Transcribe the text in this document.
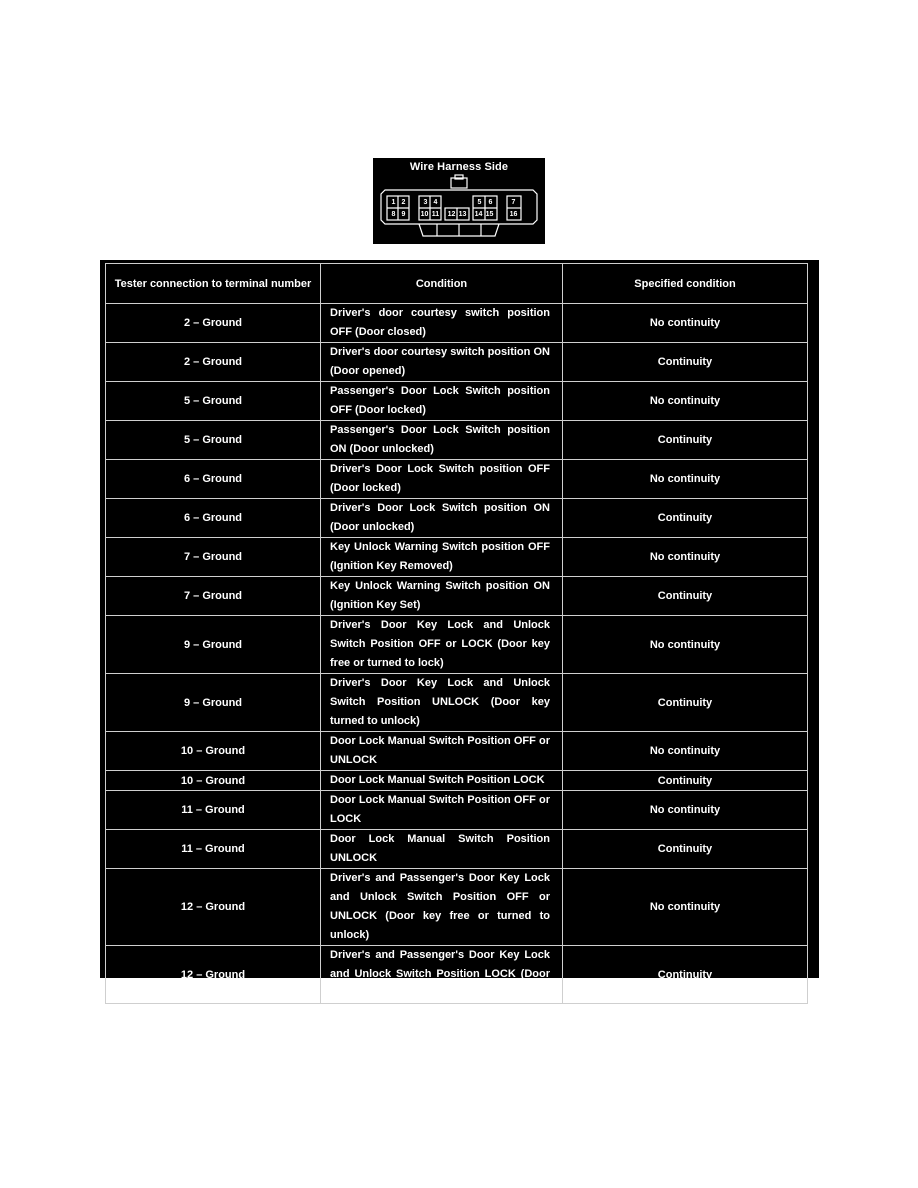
Wire Harness Side
1 2	3 4	5	6	7
8 9	10 11 12 13 14 15 16
Tester connection to terminal number	Condition	Specified condition
2 – Ground	Driver's door courtesy switch position OFF (Door closed)	No continuity
2 – Ground	Driver's door courtesy switch position ON (Door opened)	Continuity
5 – Ground	Passenger's Door Lock Switch position OFF (Door locked)	No continuity
5 – Ground	Passenger's Door Lock Switch position ON (Door unlocked)	Continuity
6 – Ground	Driver's Door Lock Switch position OFF (Door locked)	No continuity
6 – Ground	Driver's Door Lock Switch position ON (Door unlocked)	Continuity
7 – Ground	Key Unlock Warning Switch position OFF (Ignition Key Removed)	No continuity
7 – Ground	Key Unlock Warning Switch position ON (Ignition Key Set)	Continuity
9 – Ground	Driver's Door Key Lock and Unlock Switch Position OFF or LOCK (Door key free or turned to lock)	No continuity
9 – Ground	Driver's Door Key Lock and Unlock Switch Position UNLOCK (Door key turned to unlock)	Continuity
10 – Ground	Door Lock Manual Switch Position OFF or UNLOCK	No continuity
10 – Ground	Door Lock Manual Switch Position LOCK	Continuity
11 – Ground	Door Lock Manual Switch Position OFF or LOCK	No continuity
11 – Ground	Door Lock Manual Switch Position UNLOCK	Continuity
12 – Ground	Driver's and Passenger's Door Key Lock and Unlock Switch Position OFF or UNLOCK (Door key free or turned to unlock)	No continuity
12 – Ground	Driver's and Passenger's Door Key Lock and Unlock Switch Position LOCK (Door key turned to lock)	Continuity
